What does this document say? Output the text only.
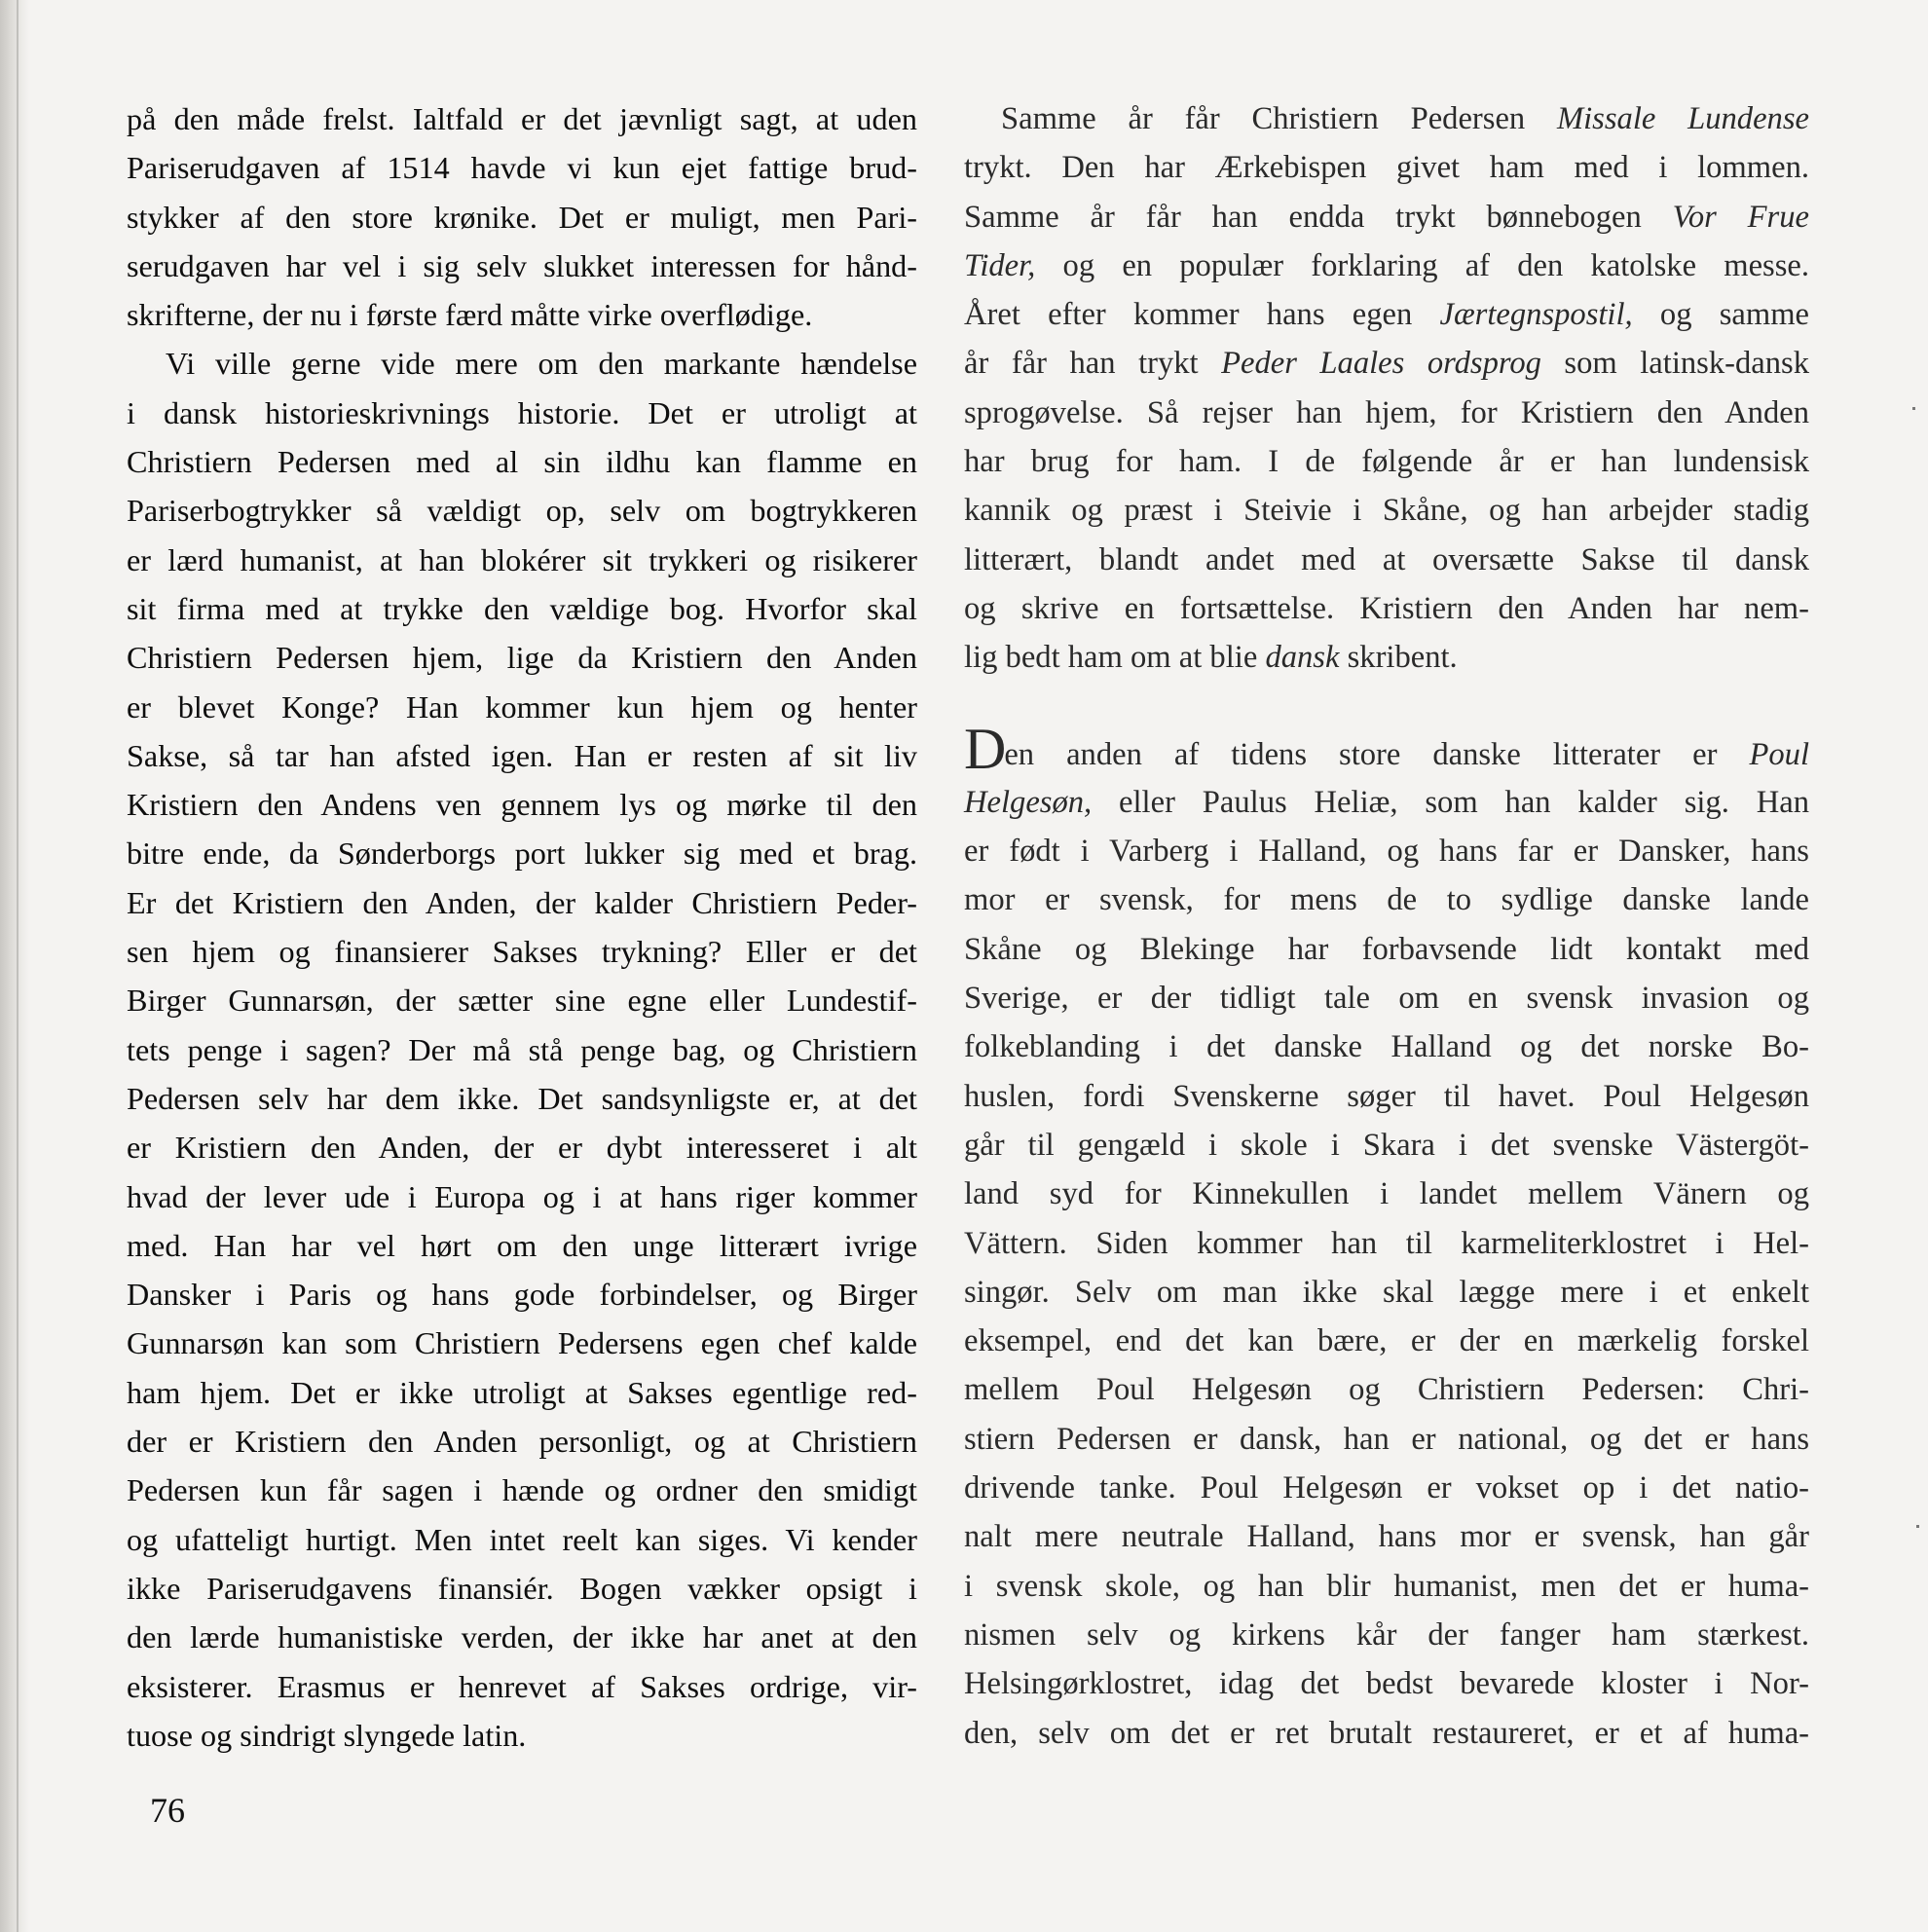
på den måde frelst. Ialtfald er det jævnligt sagt, at uden
Pariserudgaven af 1514 havde vi kun ejet fattige brud-
stykker af den store krønike. Det er muligt, men Pari-
serudgaven har vel i sig selv slukket interessen for hånd-
skrifterne, der nu i første færd måtte virke overflødige.
Vi ville gerne vide mere om den markante hændelse
i dansk historieskrivnings historie. Det er utroligt at
Christiern Pedersen med al sin ildhu kan flamme en
Pariserbogtrykker så vældigt op, selv om bogtrykkeren
er lærd humanist, at han blokérer sit trykkeri og risikerer
sit firma med at trykke den vældige bog. Hvorfor skal
Christiern Pedersen hjem, lige da Kristiern den Anden
er blevet Konge? Han kommer kun hjem og henter
Sakse, så tar han afsted igen. Han er resten af sit liv
Kristiern den Andens ven gennem lys og mørke til den
bitre ende, da Sønderborgs port lukker sig med et brag.
Er det Kristiern den Anden, der kalder Christiern Peder-
sen hjem og finansierer Sakses trykning? Eller er det
Birger Gunnarsøn, der sætter sine egne eller Lundestif-
tets penge i sagen? Der må stå penge bag, og Christiern
Pedersen selv har dem ikke. Det sandsynligste er, at det
er Kristiern den Anden, der er dybt interesseret i alt
hvad der lever ude i Europa og i at hans riger kommer
med. Han har vel hørt om den unge litterært ivrige
Dansker i Paris og hans gode forbindelser, og Birger
Gunnarsøn kan som Christiern Pedersens egen chef kalde
ham hjem. Det er ikke utroligt at Sakses egentlige red-
der er Kristiern den Anden personligt, og at Christiern
Pedersen kun får sagen i hænde og ordner den smidigt
og ufatteligt hurtigt. Men intet reelt kan siges. Vi kender
ikke Pariserudgavens finansiér. Bogen vækker opsigt i
den lærde humanistiske verden, der ikke har anet at den
eksisterer. Erasmus er henrevet af Sakses ordrige, vir-
tuose og sindrigt slyngede latin.
Samme år får Christiern Pedersen Missale Lundense
trykt. Den har Ærkebispen givet ham med i lommen.
Samme år får han endda trykt bønnebogen Vor Frue
Tider, og en populær forklaring af den katolske messe.
Året efter kommer hans egen Jærtegnspostil, og samme
år får han trykt Peder Laales ordsprog som latinsk-dansk
sprogøvelse. Så rejser han hjem, for Kristiern den Anden
har brug for ham. I de følgende år er han lundensisk
kannik og præst i Steivie i Skåne, og han arbejder stadig
litterært, blandt andet med at oversætte Sakse til dansk
og skrive en fortsættelse. Kristiern den Anden har nem-
lig bedt ham om at blie dansk skribent.
Den anden af tidens store danske litterater er Poul
Helgesøn, eller Paulus Heliæ, som han kalder sig. Han
er født i Varberg i Halland, og hans far er Dansker, hans
mor er svensk, for mens de to sydlige danske lande
Skåne og Blekinge har forbavsende lidt kontakt med
Sverige, er der tidligt tale om en svensk invasion og
folkeblanding i det danske Halland og det norske Bo-
huslen, fordi Svenskerne søger til havet. Poul Helgesøn
går til gengæld i skole i Skara i det svenske Västergöt-
land syd for Kinnekullen i landet mellem Vänern og
Vättern. Siden kommer han til karmeliterklostret i Hel-
singør. Selv om man ikke skal lægge mere i et enkelt
eksempel, end det kan bære, er der en mærkelig forskel
mellem Poul Helgesøn og Christiern Pedersen: Chri-
stiern Pedersen er dansk, han er national, og det er hans
drivende tanke. Poul Helgesøn er vokset op i det natio-
nalt mere neutrale Halland, hans mor er svensk, han går
i svensk skole, og han blir humanist, men det er huma-
nismen selv og kirkens kår der fanger ham stærkest.
Helsingørklostret, idag det bedst bevarede kloster i Nor-
den, selv om det er ret brutalt restaureret, er et af huma-
76
